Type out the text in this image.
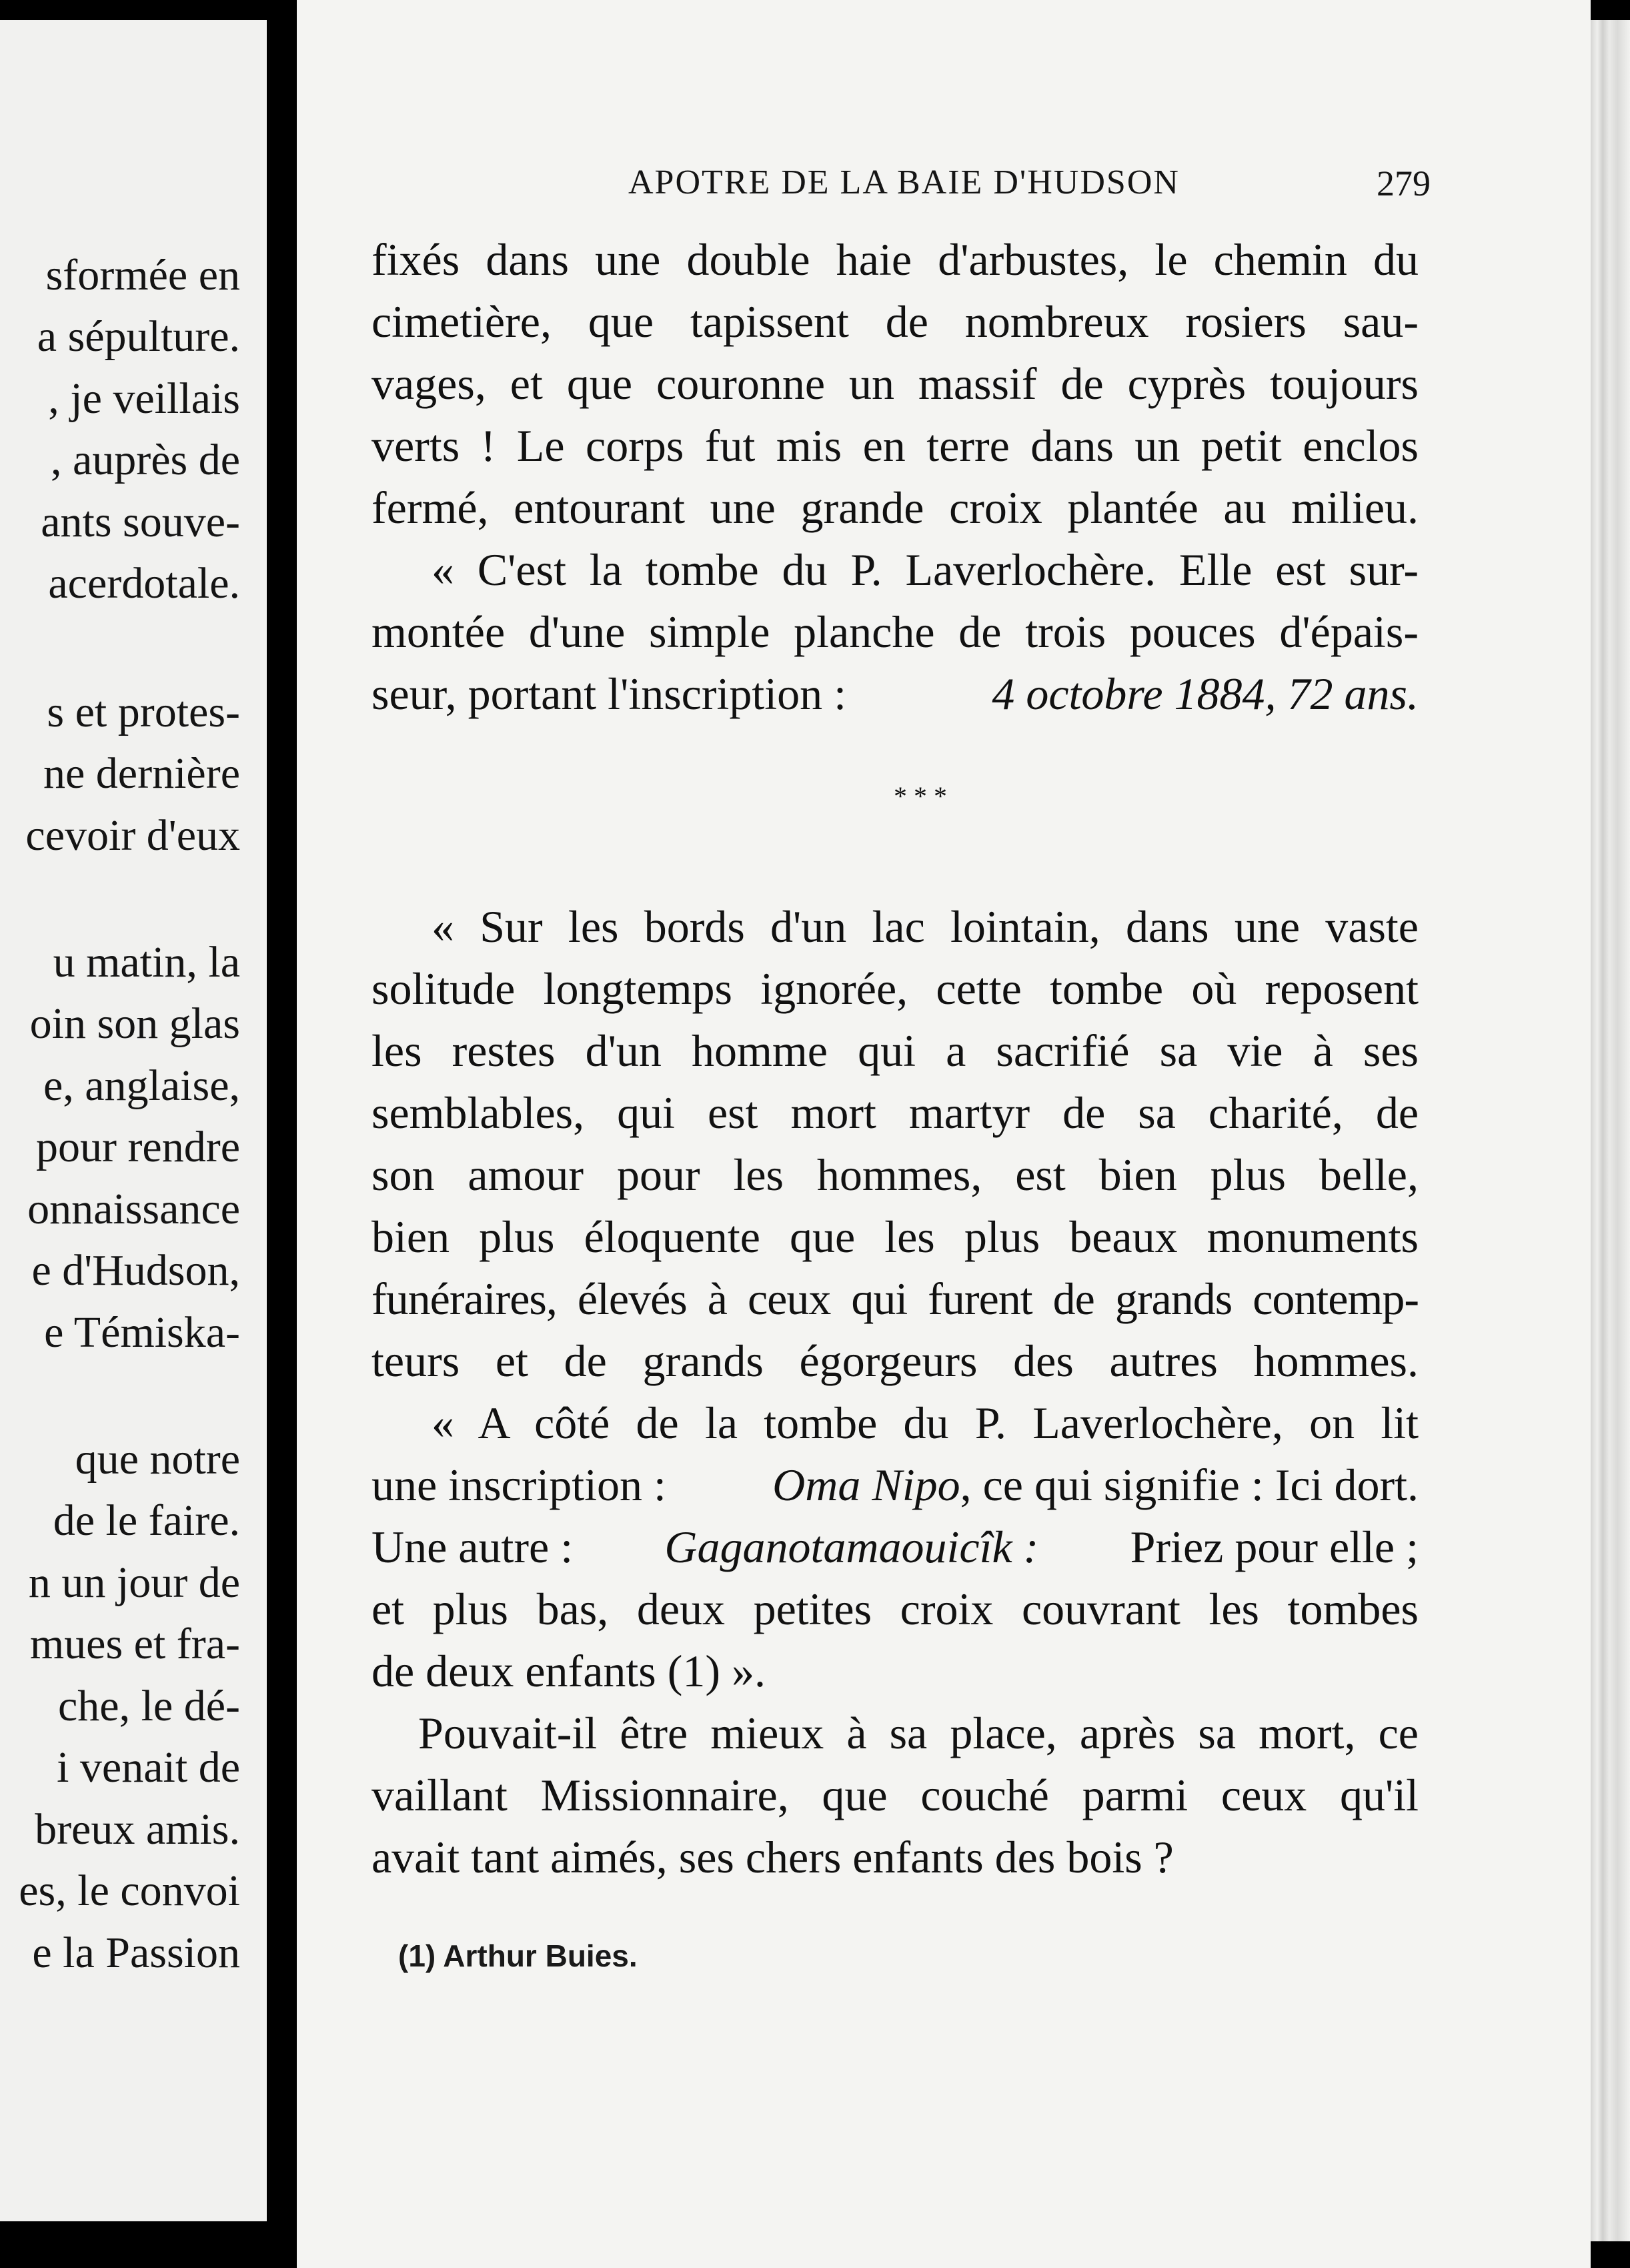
sformée en
a sépulture.
, je veillais
, auprès de
ants souve-
acerdotale.
s et protes-
ne dernière
cevoir d'eux
u matin, la
oin son glas
e, anglaise,
pour rendre
onnaissance
e d'Hudson,
e Témiska-
que notre
de le faire.
n un jour de
mues et fra-
che, le dé-
i venait de
breux amis.
es, le convoi
e la Passion
APOTRE DE LA BAIE D'HUDSON	279
fixés dans une double haie d'arbustes, le chemin du
cimetière, que tapissent de nombreux rosiers sau-
vages, et que couronne un massif de cyprès toujours
verts ! Le corps fut mis en terre dans un petit enclos
fermé, entourant une grande croix plantée au milieu.
« C'est la tombe du P. Laverlochère. Elle est sur-
montée d'une simple planche de trois pouces d'épais-
seur, portant l'inscription :	4 octobre 1884, 72 ans.
* * *
« Sur les bords d'un lac lointain, dans une vaste
solitude longtemps ignorée, cette tombe où reposent
les restes d'un homme qui a sacrifié sa vie à ses
semblables, qui est mort martyr de sa charité, de
son amour pour les hommes, est bien plus belle,
bien plus éloquente que les plus beaux monuments
funéraires, élevés à ceux qui furent de grands contemp-
teurs et de grands égorgeurs des autres hommes.
« A côté de la tombe du P. Laverlochère, on lit
une inscription : Oma Nipo, ce qui signifie : Ici dort.
Une autre : Gaganotamaouicîk : Priez pour elle ;
et plus bas, deux petites croix couvrant les tombes
de deux enfants (1) ».
Pouvait-il être mieux à sa place, après sa mort, ce
vaillant Missionnaire, que couché parmi ceux qu'il
avait tant aimés, ses chers enfants des bois ?
(1) Arthur Buies.
